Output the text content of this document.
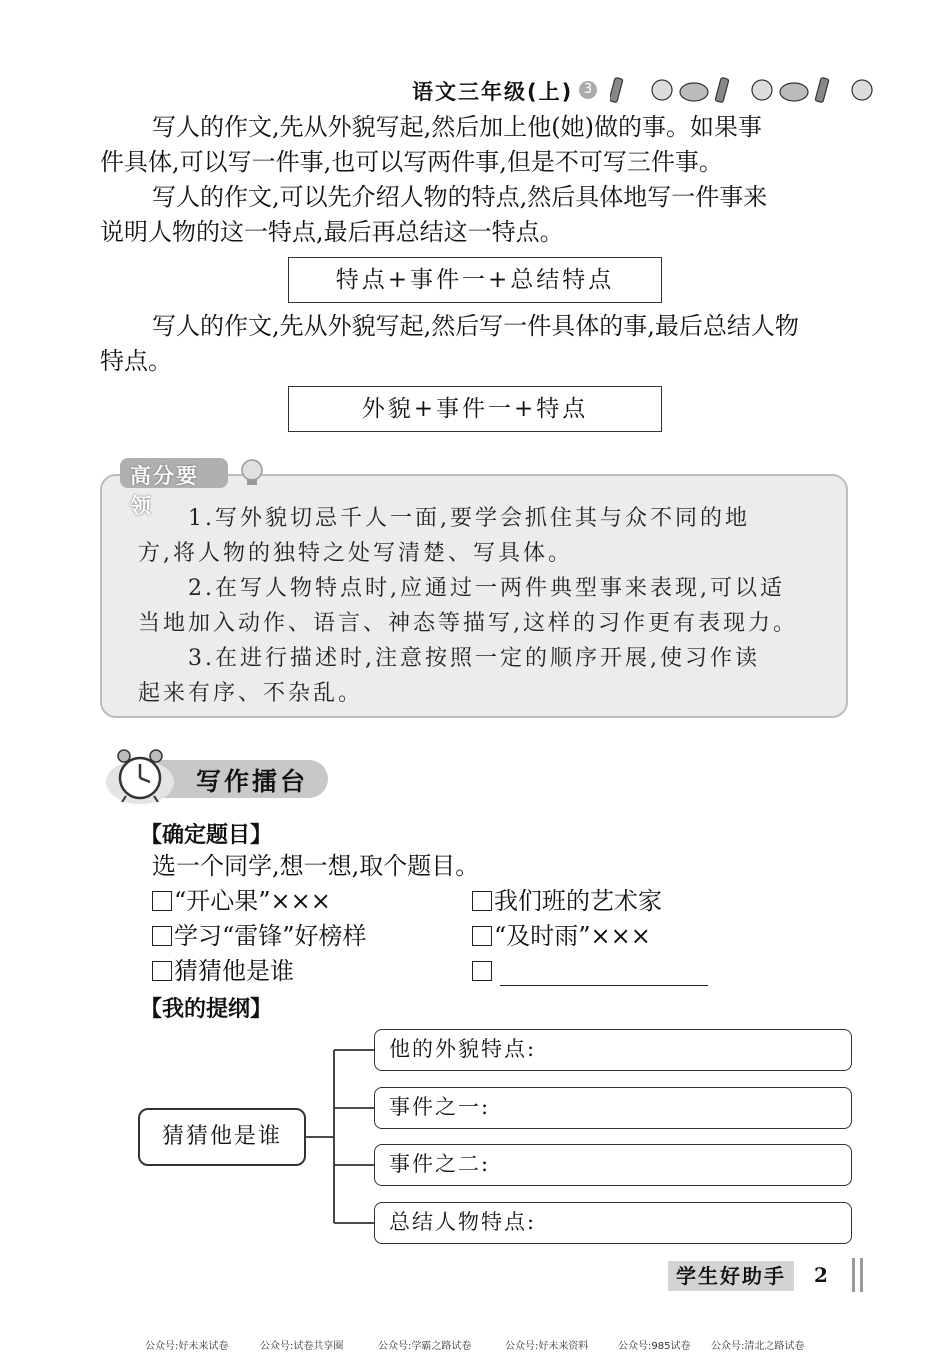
语文三年级(上) 3
写人的作文,先从外貌写起,然后加上他(她)做的事。如果事
件具体,可以写一件事,也可以写两件事,但是不可写三件事。
写人的作文,可以先介绍人物的特点,然后具体地写一件事来
说明人物的这一特点,最后再总结这一特点。
特点+事件一+总结特点
写人的作文,先从外貌写起,然后写一件具体的事,最后总结人物
特点。
外貌+事件一+特点
高分要领	1.写外貌切忌千人一面,要学会抓住其与众不同的地
方,将人物的独特之处写清楚、写具体。
2.在写人物特点时,应通过一两件典型事来表现,可以适
当地加入动作、语言、神态等描写,这样的习作更有表现力。
3.在进行描述时,注意按照一定的顺序开展,使习作读
起来有序、不杂乱。
写作擂台
【确定题目】
选一个同学,想一想,取个题目。
“开心果”×××	我们班的艺术家
学习“雷锋”好榜样	“及时雨”×××
猜猜他是谁
【我的提纲】
猜猜他是谁
他的外貌特点:
事件之一:
事件之二:
总结人物特点:
学生好助手	2
公众号:好未来试卷	公众号:试卷共享圈	公众号:学霸之路试卷	公众号:好未来资料	公众号:985试卷 公众号:清北之路试卷
